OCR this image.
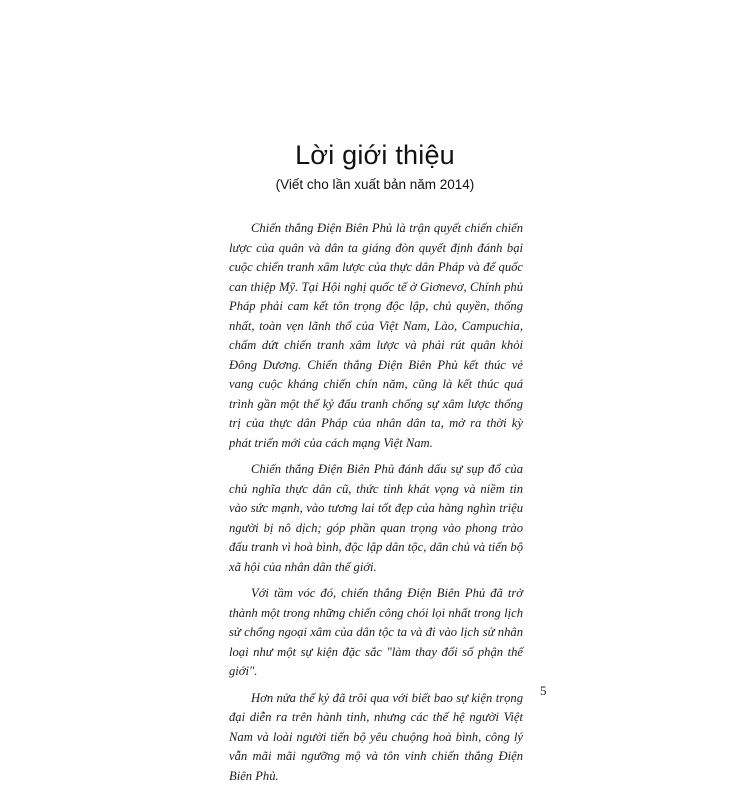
Lời giới thiệu
(Viết cho lần xuất bản năm 2014)

Chiến thắng Điện Biên Phủ là trận quyết chiến chiến lược của quân và dân ta giáng đòn quyết định đánh bại cuộc chiến tranh xâm lược của thực dân Pháp và đế quốc can thiệp Mỹ. Tại Hội nghị quốc tế ở Giơnevơ, Chính phủ Pháp phải cam kết tôn trọng độc lập, chủ quyền, thống nhất, toàn vẹn lãnh thổ của Việt Nam, Lào, Campuchia, chấm dứt chiến tranh xâm lược và phải rút quân khỏi Đông Dương. Chiến thắng Điện Biên Phủ kết thúc vẻ vang cuộc kháng chiến chín năm, cũng là kết thúc quá trình gần một thế kỷ đấu tranh chống sự xâm lược thống trị của thực dân Pháp của nhân dân ta, mở ra thời kỳ phát triển mới của cách mạng Việt Nam.

Chiến thắng Điện Biên Phủ đánh dấu sự sụp đổ của chủ nghĩa thực dân cũ, thức tỉnh khát vọng và niềm tin vào sức mạnh, vào tương lai tốt đẹp của hàng nghìn triệu người bị nô dịch; góp phần quan trọng vào phong trào đấu tranh vì hoà bình, độc lập dân tộc, dân chủ và tiến bộ xã hội của nhân dân thế giới.

Với tầm vóc đó, chiến thắng Điện Biên Phủ đã trở thành một trong những chiến công chói lọi nhất trong lịch sử chống ngoại xâm của dân tộc ta và đi vào lịch sử nhân loại như một sự kiện đặc sắc "làm thay đổi số phận thế giới".

Hơn nửa thế kỷ đã trôi qua với biết bao sự kiện trọng đại diễn ra trên hành tinh, nhưng các thế hệ người Việt Nam và loài người tiến bộ yêu chuộng hoà bình, công lý vẫn mãi mãi ngưỡng mộ và tôn vinh chiến thắng Điện Biên Phủ.

5
